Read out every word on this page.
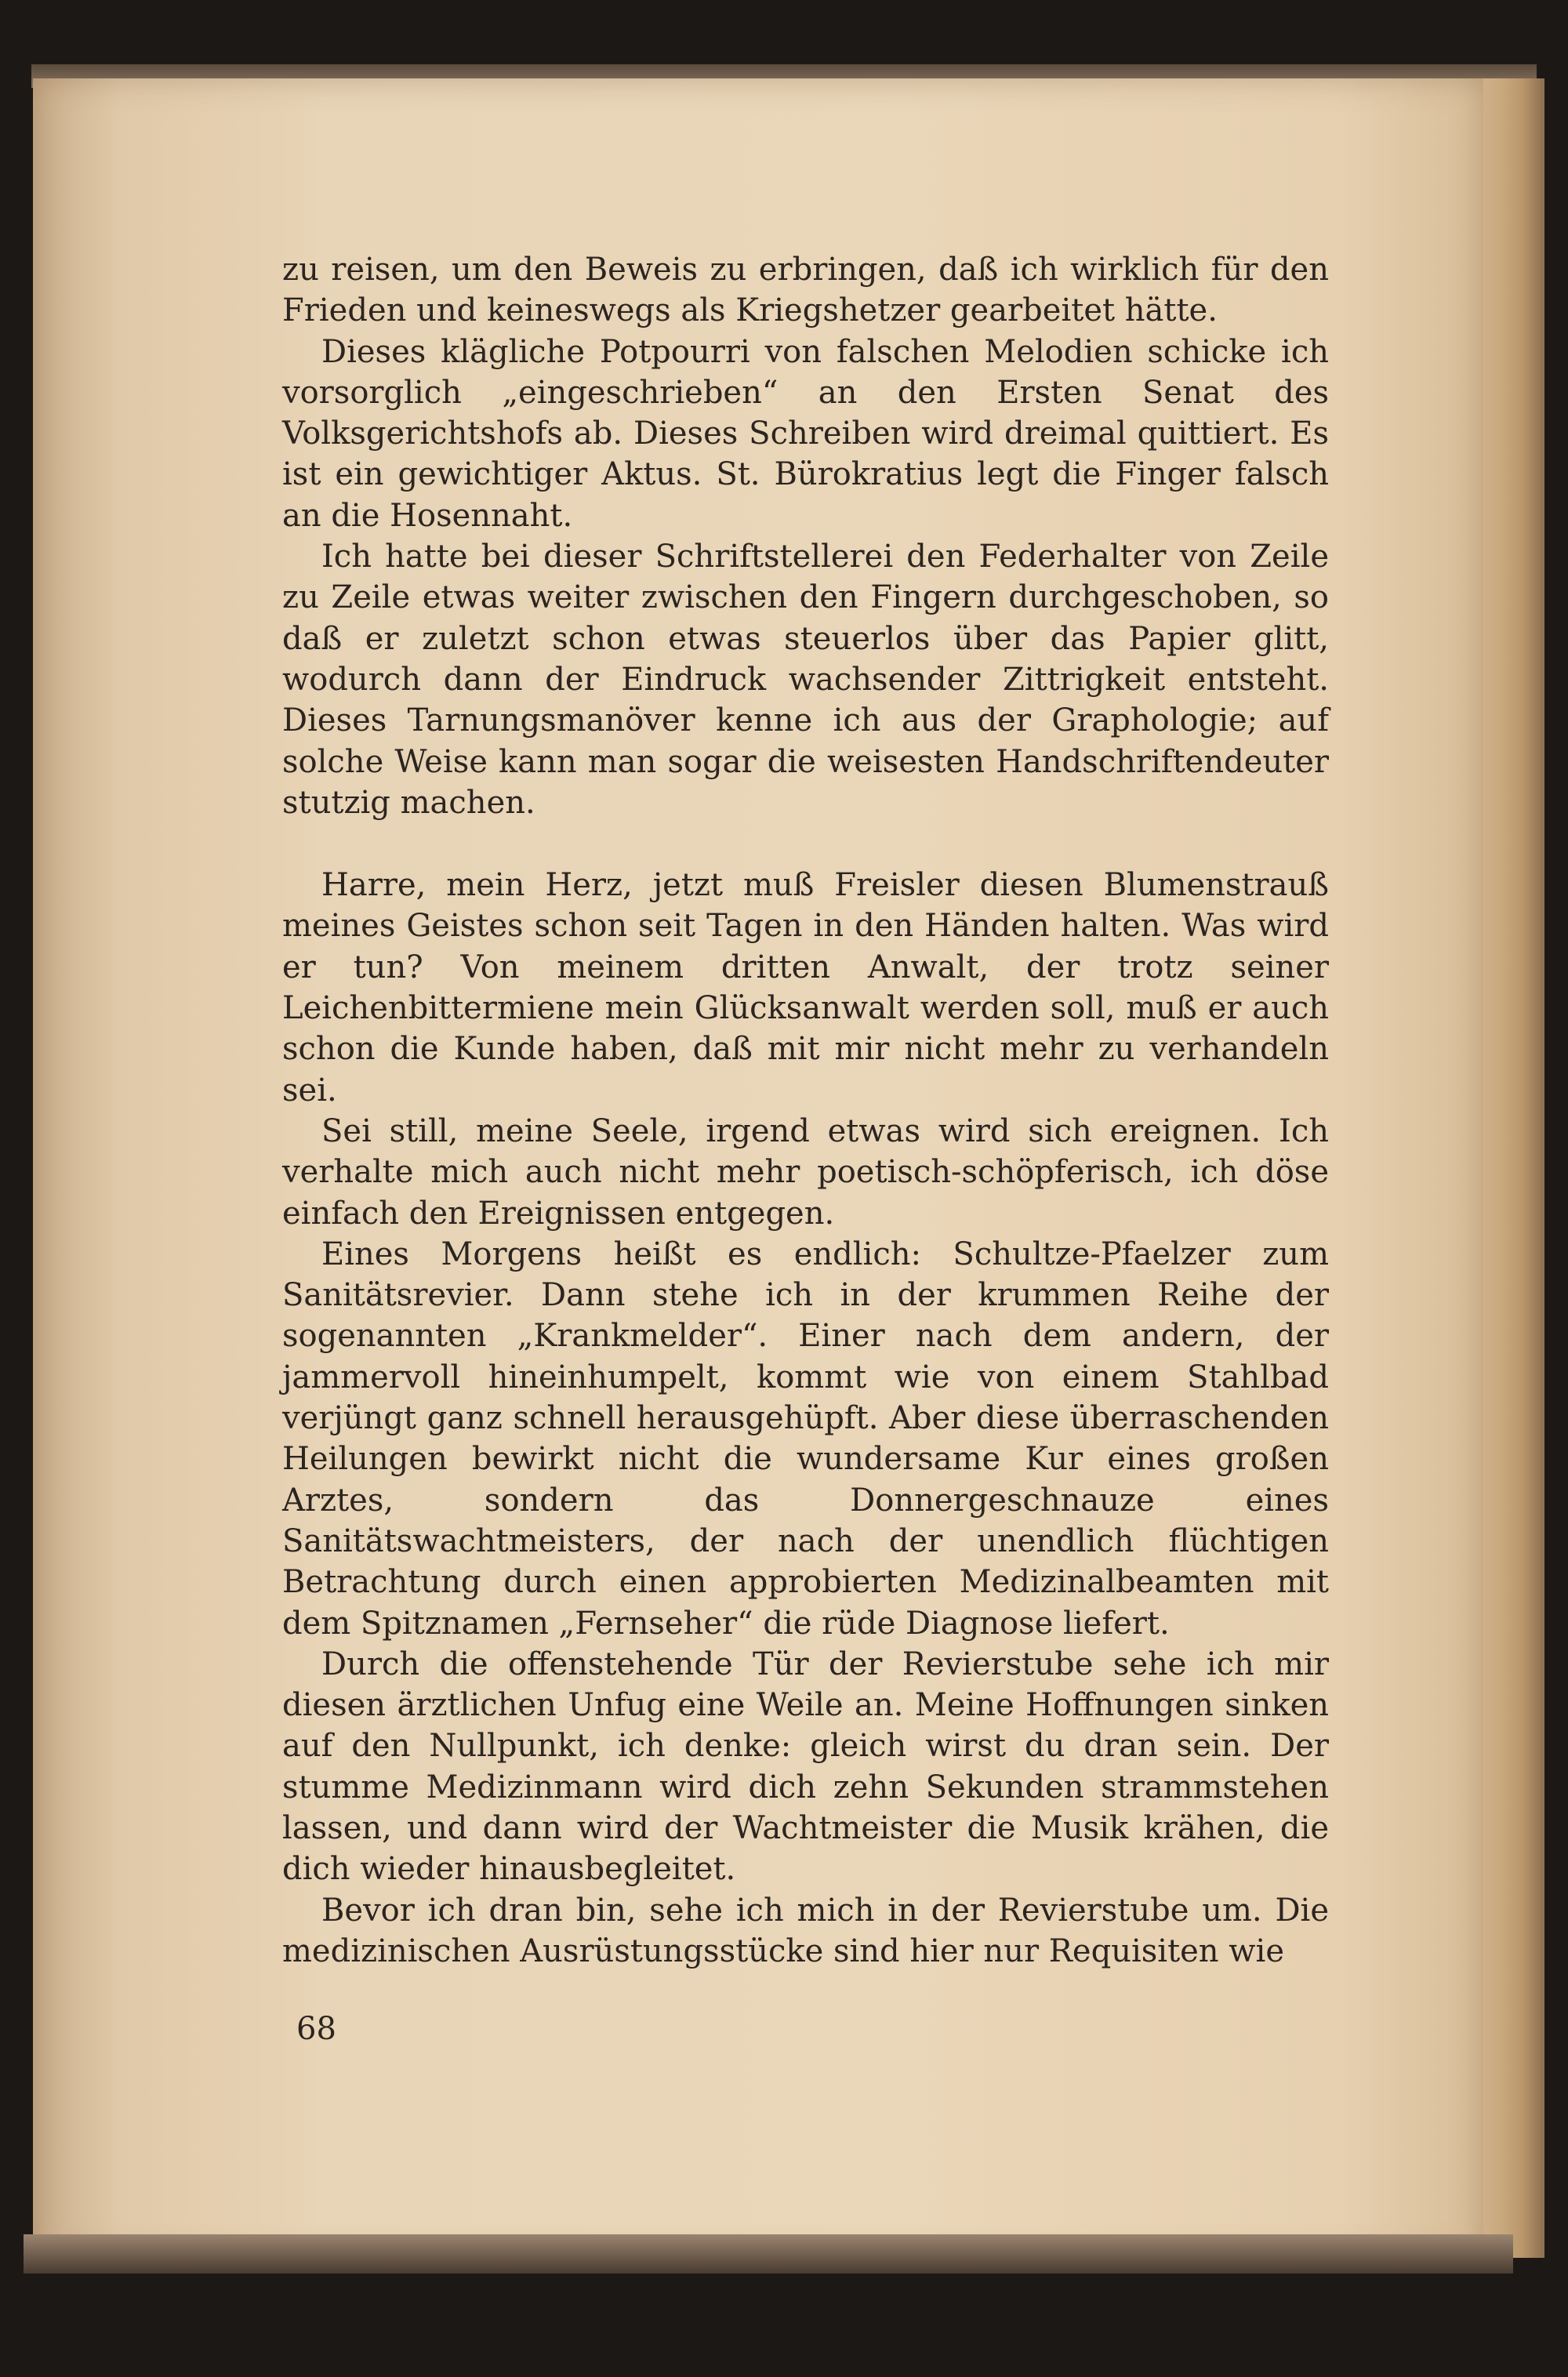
zu reisen, um den Beweis zu erbringen, daß ich wirklich für den Frieden und keineswegs als Kriegshetzer gearbeitet hätte.

Dieses klägliche Potpourri von falschen Melodien schicke ich vorsorglich „eingeschrieben“ an den Ersten Senat des Volksgerichtshofs ab. Dieses Schreiben wird dreimal quittiert. Es ist ein gewichtiger Aktus. St. Bürokratius legt die Finger falsch an die Hosennaht.

Ich hatte bei dieser Schriftstellerei den Federhalter von Zeile zu Zeile etwas weiter zwischen den Fingern durchgeschoben, so daß er zuletzt schon etwas steuerlos über das Papier glitt, wodurch dann der Eindruck wachsender Zittrigkeit entsteht. Dieses Tarnungsmanöver kenne ich aus der Graphologie; auf solche Weise kann man sogar die weisesten Handschriftendeuter stutzig machen.

Harre, mein Herz, jetzt muß Freisler diesen Blumenstrauß meines Geistes schon seit Tagen in den Händen halten. Was wird er tun? Von meinem dritten Anwalt, der trotz seiner Leichenbittermiene mein Glücksanwalt werden soll, muß er auch schon die Kunde haben, daß mit mir nicht mehr zu verhandeln sei.

Sei still, meine Seele, irgend etwas wird sich ereignen. Ich verhalte mich auch nicht mehr poetisch-schöpferisch, ich döse einfach den Ereignissen entgegen.

Eines Morgens heißt es endlich: Schultze-Pfaelzer zum Sanitätsrevier. Dann stehe ich in der krummen Reihe der sogenannten „Krankmelder“. Einer nach dem andern, der jammervoll hineinhumpelt, kommt wie von einem Stahlbad verjüngt ganz schnell herausgehüpft. Aber diese überraschenden Heilungen bewirkt nicht die wundersame Kur eines großen Arztes, sondern das Donnergeschnauze eines Sanitätswachtmeisters, der nach der unendlich flüchtigen Betrachtung durch einen approbierten Medizinalbeamten mit dem Spitznamen „Fernseher“ die rüde Diagnose liefert.

Durch die offenstehende Tür der Revierstube sehe ich mir diesen ärztlichen Unfug eine Weile an. Meine Hoffnungen sinken auf den Nullpunkt, ich denke: gleich wirst du dran sein. Der stumme Medizinmann wird dich zehn Sekunden strammstehen lassen, und dann wird der Wachtmeister die Musik krähen, die dich wieder hinausbegleitet.

Bevor ich dran bin, sehe ich mich in der Revierstube um. Die medizinischen Ausrüstungsstücke sind hier nur Requisiten wie

68
